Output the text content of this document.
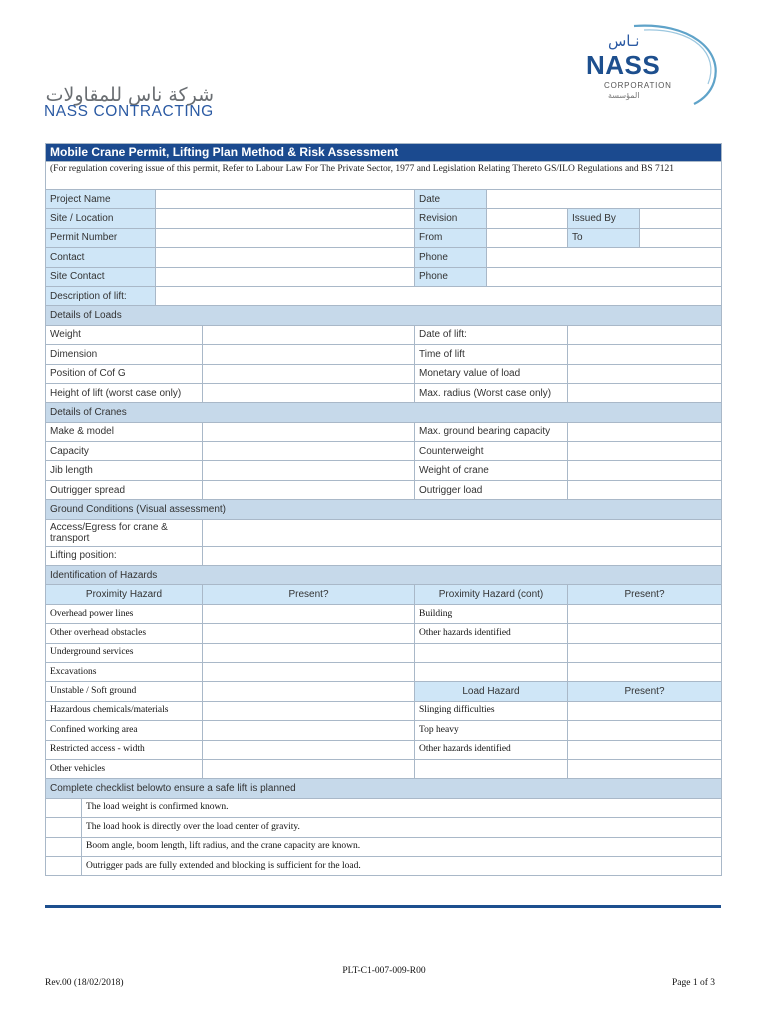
شركة ناس للمقاولات
NASS CONTRACTING
نـاس
NASS
CORPORATION
المؤسسة
Mobile Crane Permit, Lifting Plan Method & Risk Assessment							
(For regulation covering issue of this permit, Refer to Labour Law For The Private Sector, 1977 and Legislation Relating Thereto GS/ILO Regulations and BS 7121							
Project Name				Date			
Site / Location				Revision		Issued By	
Permit Number				From		To	
Contact				Phone			
Site Contact				Phone			
Description of lift:							
Details of Loads							
Weight				Date of lift:			
Dimension				Time of lift			
Position of Cof G				Monetary value of load			
Height of lift (worst case only)				Max. radius (Worst case only)			
Details of Cranes							
Make & model				Max. ground bearing capacity			
Capacity				Counterweight			
Jib length				Weight of crane			
Outrigger spread				Outrigger load			
Ground Conditions (Visual assessment)							
Access/Egress for crane & transport							
Lifting position:							
Identification of Hazards							
Proximity Hazard			Present?	Proximity Hazard (cont)		Present?	
Overhead power lines				Building			
Other overhead obstacles				Other hazards identified			
Underground services							
Excavations							
Unstable / Soft ground				Load Hazard		Present?	
Hazardous chemicals/materials				Slinging difficulties			
Confined working area				Top heavy			
Restricted access - width				Other hazards identified			
Other vehicles							
Complete checklist belowto ensure a safe lift is planned							
	The load weight is confirmed known.						
	The load hook is directly over the load center of gravity.						
	Boom angle, boom length, lift radius, and the crane capacity are known.						
	Outrigger pads are fully extended and blocking is sufficient for the load.						
PLT-C1-007-009-R00
Rev.00 (18/02/2018)	Page 1 of 3
